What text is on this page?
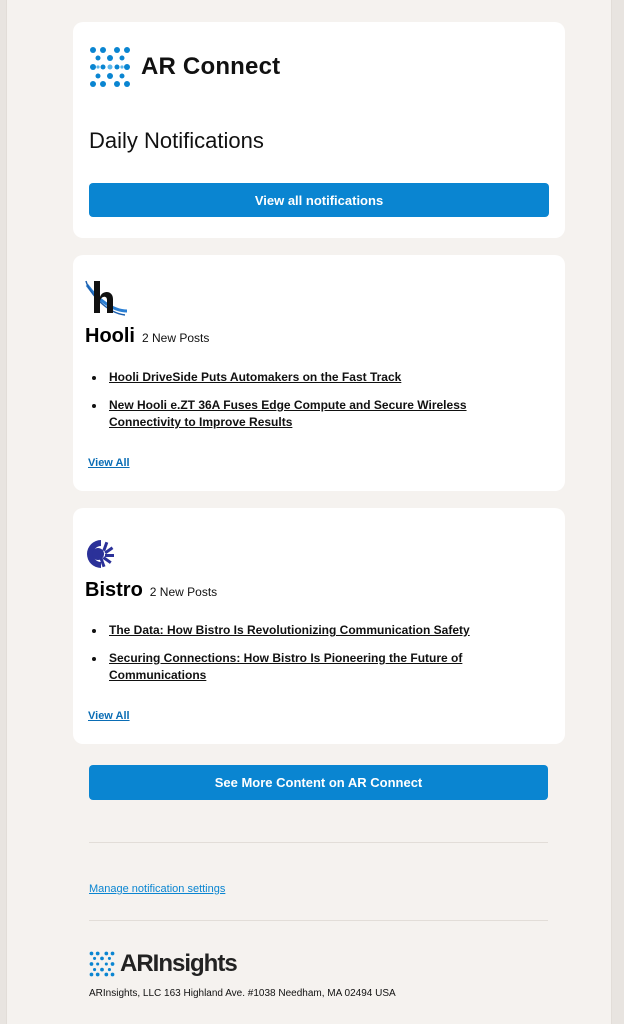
AR Connect
Daily Notifications
View all notifications
Hooli 2 New Posts
Hooli DriveSide Puts Automakers on the Fast Track
New Hooli e.ZT 36A Fuses Edge Compute and Secure Wireless Connectivity to Improve Results
View All
Bistro 2 New Posts
The Data: How Bistro Is Revolutionizing Communication Safety
Securing Connections: How Bistro Is Pioneering the Future of Communications
View All
See More Content on AR Connect
Manage notification settings
ARInsights
ARInsights, LLC 163 Highland Ave. #1038 Needham, MA 02494 USA
